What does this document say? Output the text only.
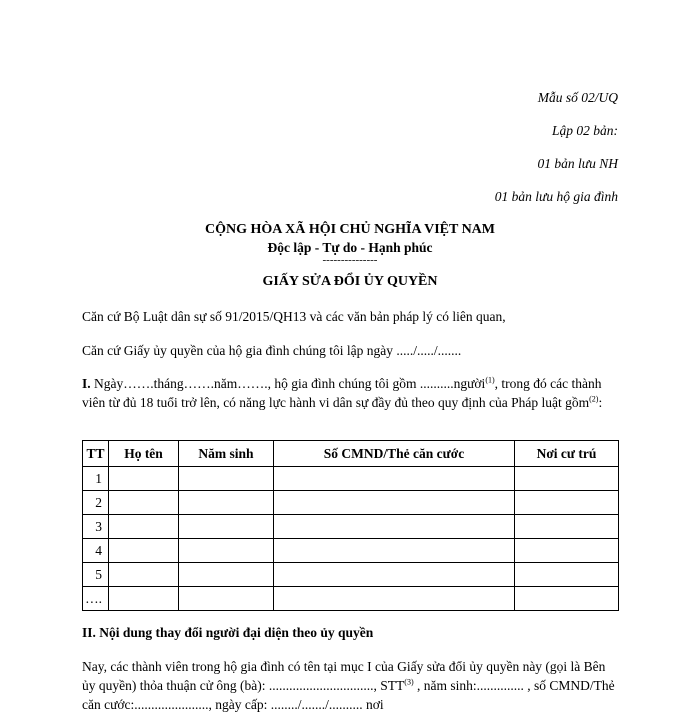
Mẫu số 02/UQ
Lập 02 bản:
01 bản lưu NH
01 bản lưu hộ gia đình
CỘNG HÒA XÃ HỘI CHỦ NGHĨA VIỆT NAM
Độc lập - Tự do - Hạnh phúc
---------------
GIẤY SỬA ĐỔI ỦY QUYỀN
Căn cứ Bộ Luật dân sự số 91/2015/QH13 và các văn bản pháp lý có liên quan,
Căn cứ Giấy ủy quyền của hộ gia đình chúng tôi lập ngày ...../...../.......
I. Ngày…….tháng…….năm……., hộ gia đình chúng tôi gồm ..........người$^{(1)}$, trong đó các thành viên từ đủ 18 tuổi trở lên, có năng lực hành vi dân sự đầy đủ theo quy định của Pháp luật gồm$^{(2)}$:
TT	Họ tên	Năm sinh	Số CMND/Thẻ căn cước	Nơi cư trú
1				
2				
3				
4				
5				
….				
II. Nội dung thay đổi người đại diện theo ủy quyền
Nay, các thành viên trong hộ gia đình có tên tại mục I của Giấy sửa đổi ủy quyền này (gọi là Bên ủy quyền) thỏa thuận cử ông (bà): ..............................., STT$^{(3)}$ , năm sinh:.............. , số CMND/Thẻ căn cước:......................, ngày cấp: ......../......./.......... nơi
